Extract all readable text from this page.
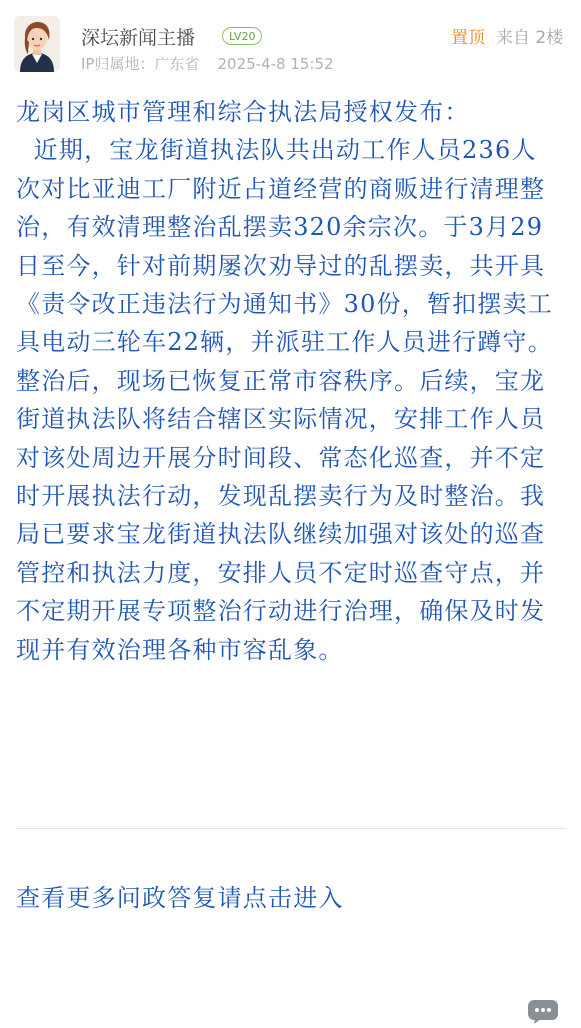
深坛新闻主播	LV20
IP归属地：广东省 2025-4-8 15:52
置顶 来自 2楼

龙岗区城市管理和综合执法局授权发布：

近期，宝龙街道执法队共出动工作人员236人次对比亚迪工厂附近占道经营的商贩进行清理整治，有效清理整治乱摆卖320余宗次。于3月29日至今，针对前期屡次劝导过的乱摆卖，共开具《责令改正违法行为通知书》30份，暂扣摆卖工具电动三轮车22辆，并派驻工作人员进行蹲守。整治后，现场已恢复正常市容秩序。后续，宝龙街道执法队将结合辖区实际情况，安排工作人员对该处周边开展分时间段、常态化巡查，并不定时开展执法行动，发现乱摆卖行为及时整治。我局已要求宝龙街道执法队继续加强对该处的巡查管控和执法力度，安排人员不定时巡查守点，并不定期开展专项整治行动进行治理，确保及时发现并有效治理各种市容乱象。

查看更多问政答复请点击进入
